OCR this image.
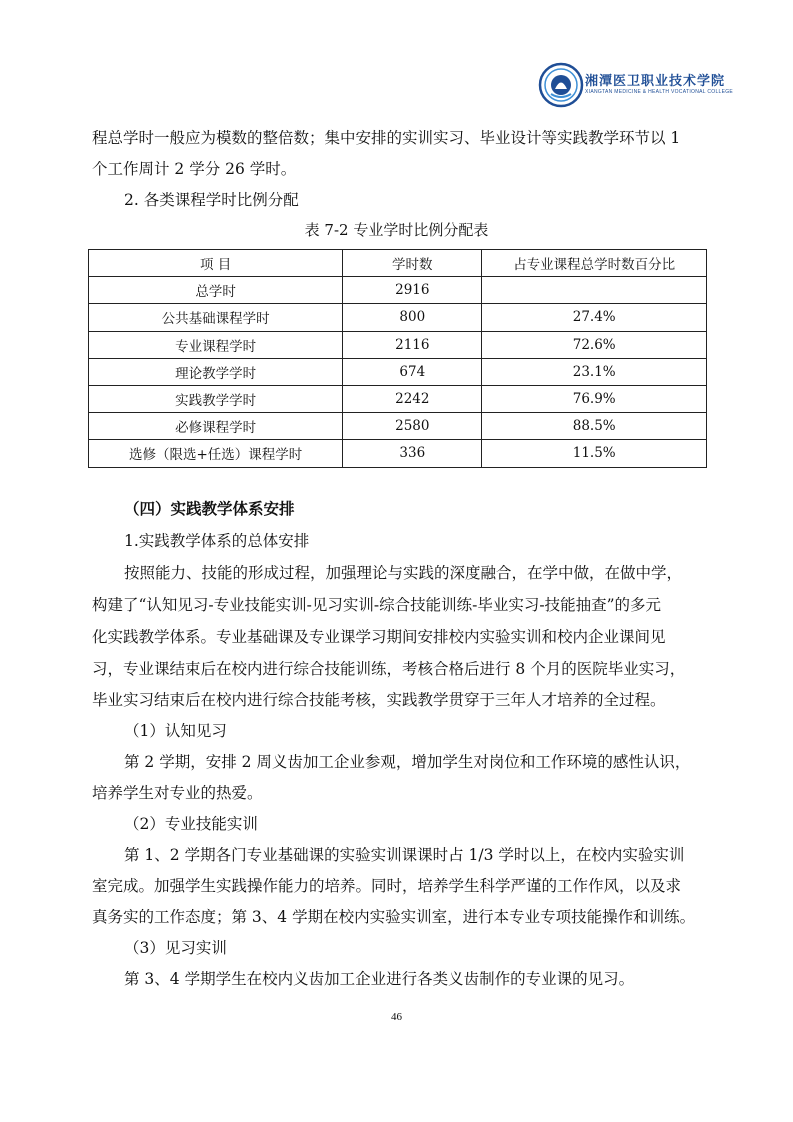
湘潭医卫职业技术学院
XIANGTAN MEDICINE & HEALTH VOCATIONAL COLLEGE
程总学时一般应为模数的整倍数；集中安排的实训实习、毕业设计等实践教学环节以 1
个工作周计 2 学分 26 学时。
2. 各类课程学时比例分配
表 7-2 专业学时比例分配表
项 目	学时数	占专业课程总学时数百分比
总学时	2916	
公共基础课程学时	800	27.4%
专业课程学时	2116	72.6%
理论教学学时	674	23.1%
实践教学学时	2242	76.9%
必修课程学时	2580	88.5%
选修（限选+任选）课程学时	336	11.5%
（四）实践教学体系安排
1.实践教学体系的总体安排
按照能力、技能的形成过程，加强理论与实践的深度融合，在学中做，在做中学，
构建了“认知见习-专业技能实训-见习实训-综合技能训练-毕业实习-技能抽查”的多元
化实践教学体系。专业基础课及专业课学习期间安排校内实验实训和校内企业课间见
习，专业课结束后在校内进行综合技能训练，考核合格后进行 8 个月的医院毕业实习，
毕业实习结束后在校内进行综合技能考核，实践教学贯穿于三年人才培养的全过程。
（1）认知见习
第 2 学期，安排 2 周义齿加工企业参观，增加学生对岗位和工作环境的感性认识，
培养学生对专业的热爱。
（2）专业技能实训
第 1、2 学期各门专业基础课的实验实训课课时占 1/3 学时以上，在校内实验实训
室完成。加强学生实践操作能力的培养。同时，培养学生科学严谨的工作作风，以及求
真务实的工作态度；第 3、4 学期在校内实验实训室，进行本专业专项技能操作和训练。
（3）见习实训
第 3、4 学期学生在校内义齿加工企业进行各类义齿制作的专业课的见习。
46
